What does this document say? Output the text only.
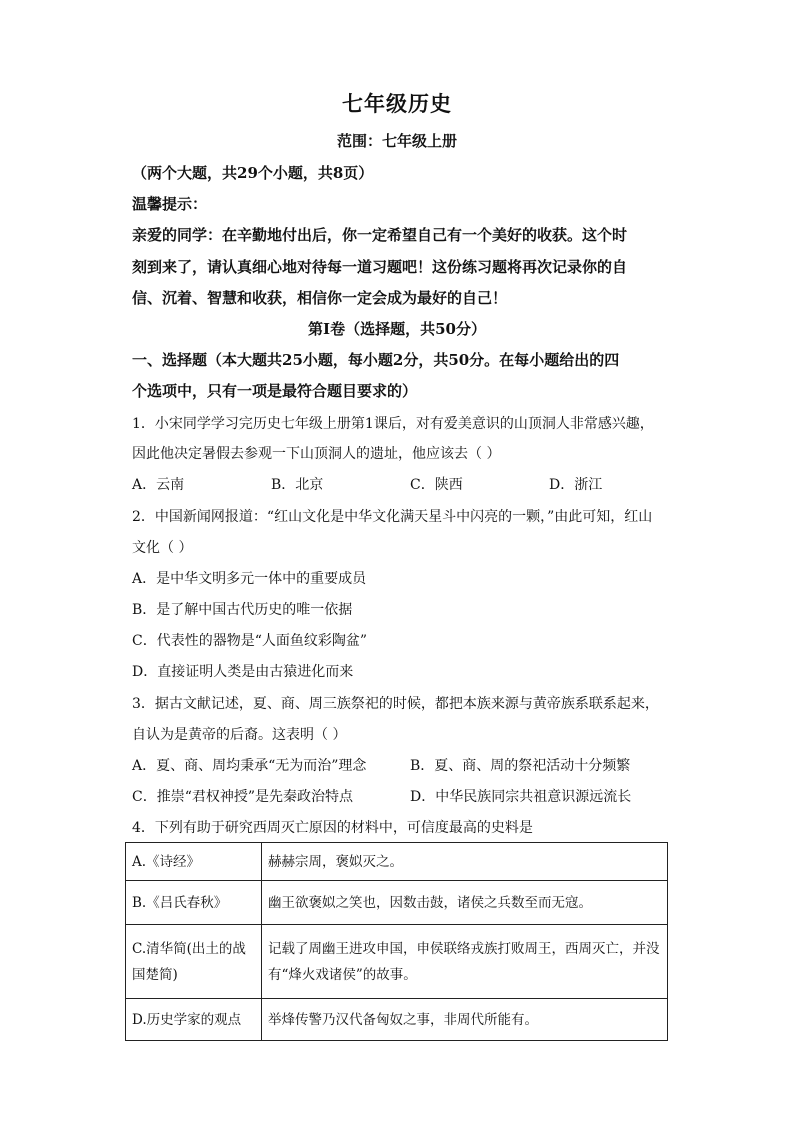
七年级历史
范围：七年级上册
（两个大题，共29个小题，共8页）
温馨提示：
亲爱的同学：在辛勤地付出后，你一定希望自己有一个美好的收获。这个时
刻到来了，请认真细心地对待每一道习题吧！这份练习题将再次记录你的自
信、沉着、智慧和收获，相信你一定会成为最好的自己！
第Ⅰ卷（选择题，共50分）
一、选择题（本大题共25小题，每小题2分，共50分。在每小题给出的四
个选项中，只有一项是最符合题目要求的）
1．小宋同学学习完历史七年级上册第1课后，对有爱美意识的山顶洞人非常感兴趣，
因此他决定暑假去参观一下山顶洞人的遗址，他应该去（ ）
A．云南	B．北京	C．陕西	D．浙江
2．中国新闻网报道：“红山文化是中华文化满天星斗中闪亮的一颗，”由此可知，红山
文化（ ）
A．是中华文明多元一体中的重要成员
B．是了解中国古代历史的唯一依据
C．代表性的器物是“人面鱼纹彩陶盆”
D．直接证明人类是由古猿进化而来
3．据古文献记述，夏、商、周三族祭祀的时候，都把本族来源与黄帝族系联系起来，
自认为是黄帝的后裔。这表明（ ）
A．夏、商、周均秉承“无为而治”理念	B．夏、商、周的祭祀活动十分频繁
C．推崇“君权神授”是先秦政治特点	D．中华民族同宗共祖意识源远流长
4．下列有助于研究西周灭亡原因的材料中，可信度最高的史料是
A.《诗经》	赫赫宗周，褒姒灭之。
B.《吕氏春秋》	幽王欲褒姒之笑也，因数击鼓，诸侯之兵数至而无寇。
C.清华简(出土的战国楚简)	记载了周幽王进攻申国，申侯联络戎族打败周王，西周灭亡，并没有“烽火戏诸侯”的故事。
D.历史学家的观点	举烽传警乃汉代备匈奴之事，非周代所能有。
